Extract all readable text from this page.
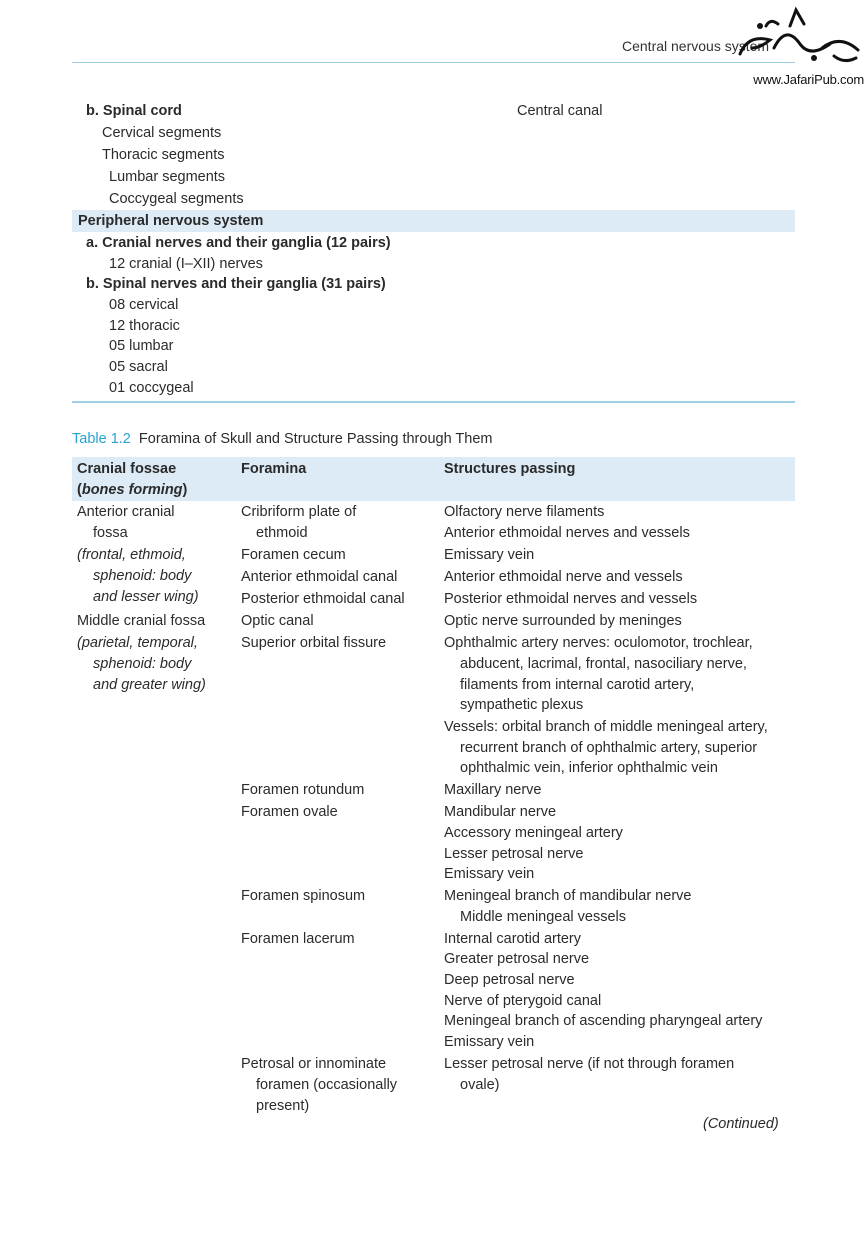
Central nervous system
www.JafariPub.com
b. Spinal cord	Central canal
Cervical segments
Thoracic segments
Lumbar segments
Coccygeal segments
Peripheral nervous system
a. Cranial nerves and their ganglia (12 pairs)
12 cranial (I–XII) nerves
b. Spinal nerves and their ganglia (31 pairs)
08 cervical
12 thoracic
05 lumbar
05 sacral
01 coccygeal
Table 1.2 Foramina of Skull and Structure Passing through Them
Cranial fossae
(bones forming)
Foramina	Structures passing
Anterior cranial
fossa
(frontal, ethmoid,
sphenoid: body
and lesser wing)
Middle cranial fossa
(parietal, temporal,
sphenoid: body
and greater wing)
Cribriform plate of
ethmoid
Foramen cecum
Anterior ethmoidal canal
Posterior ethmoidal canal
Optic canal
Superior orbital fissure
Foramen rotundum
Foramen ovale
Foramen spinosum
Foramen lacerum
Petrosal or innominate
foramen (occasionally
present)
Olfactory nerve filaments
Anterior ethmoidal nerves and vessels
Emissary vein
Anterior ethmoidal nerve and vessels
Posterior ethmoidal nerves and vessels
Optic nerve surrounded by meninges
Ophthalmic artery nerves: oculomotor, trochlear,
abducent, lacrimal, frontal, nasociliary nerve,
filaments from internal carotid artery,
sympathetic plexus
Vessels: orbital branch of middle meningeal artery,
recurrent branch of ophthalmic artery, superior
ophthalmic vein, inferior ophthalmic vein
Maxillary nerve
Mandibular nerve
Accessory meningeal artery
Lesser petrosal nerve
Emissary vein
Meningeal branch of mandibular nerve
Middle meningeal vessels
Internal carotid artery
Greater petrosal nerve
Deep petrosal nerve
Nerve of pterygoid canal
Meningeal branch of ascending pharyngeal artery
Emissary vein
Lesser petrosal nerve (if not through foramen
ovale)
(Continued)
